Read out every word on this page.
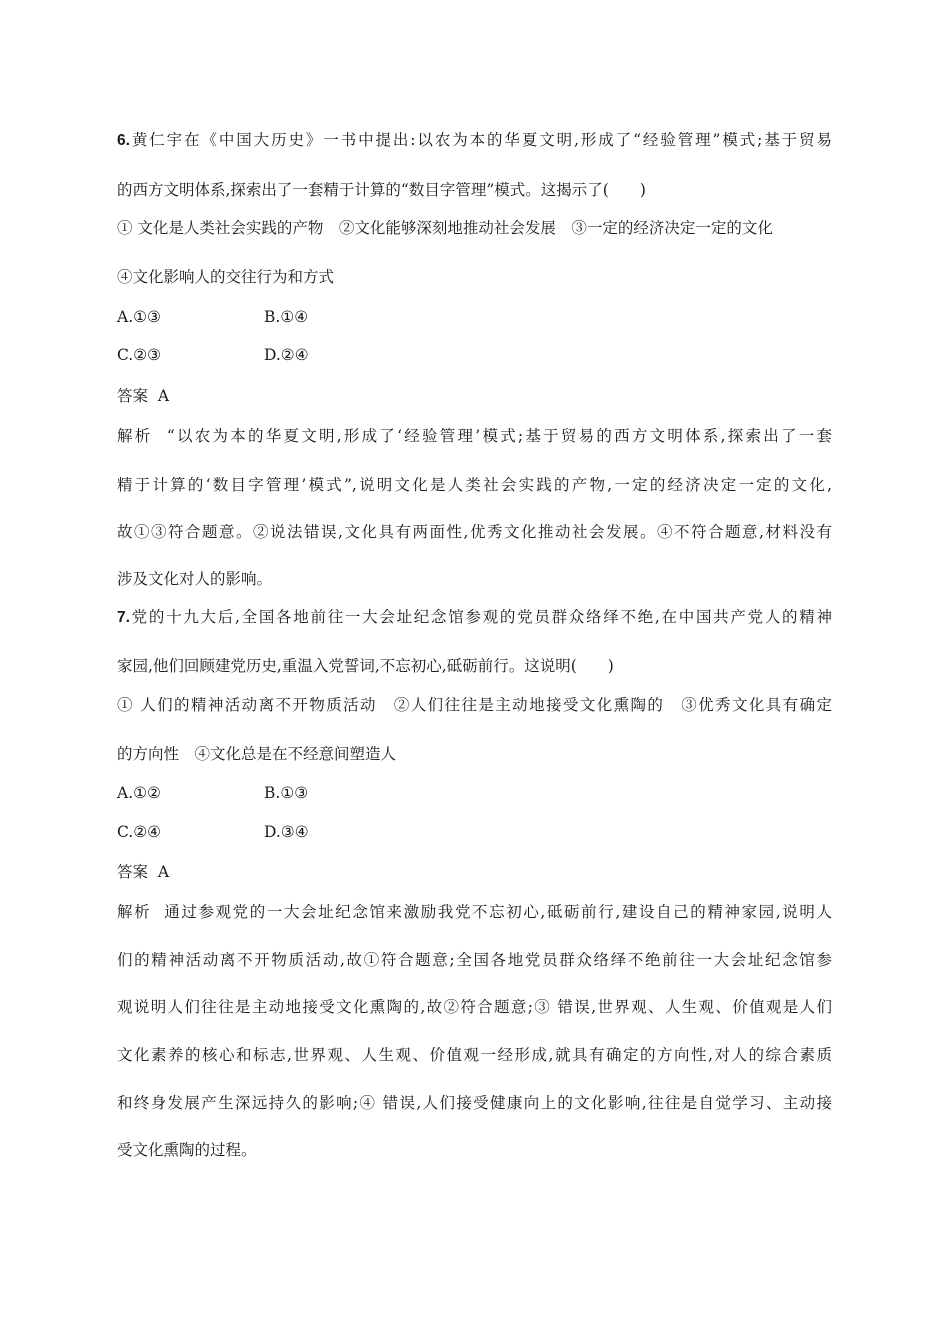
6.黄仁宇在《中国大历史》一书中提出:以农为本的华夏文明,形成了“经验管理”模式;基于贸易
的西方文明体系,探索出了一套精于计算的“数目字管理”模式。这揭示了(　　)
① 文化是人类社会实践的产物　②文化能够深刻地推动社会发展　③一定的经济决定一定的文化
④文化影响人的交往行为和方式
A.①③	B.①④
C.②③	D.②④
答案 A
解析 “以农为本的华夏文明,形成了‘经验管理’模式;基于贸易的西方文明体系,探索出了一套
精于计算的‘数目字管理’模式”,说明文化是人类社会实践的产物,一定的经济决定一定的文化,
故①③符合题意。②说法错误,文化具有两面性,优秀文化推动社会发展。④不符合题意,材料没有
涉及文化对人的影响。
7.党的十九大后,全国各地前往一大会址纪念馆参观的党员群众络绎不绝,在中国共产党人的精神
家园,他们回顾建党历史,重温入党誓词,不忘初心,砥砺前行。这说明(　　)
① 人们的精神活动离不开物质活动　②人们往往是主动地接受文化熏陶的　③优秀文化具有确定
的方向性　④文化总是在不经意间塑造人
A.①②	B.①③
C.②④	D.③④
答案 A
解析 通过参观党的一大会址纪念馆来激励我党不忘初心,砥砺前行,建设自己的精神家园,说明人
们的精神活动离不开物质活动,故①符合题意;全国各地党员群众络绎不绝前往一大会址纪念馆参
观说明人们往往是主动地接受文化熏陶的,故②符合题意;③ 错误,世界观、人生观、价值观是人们
文化素养的核心和标志,世界观、人生观、价值观一经形成,就具有确定的方向性,对人的综合素质
和终身发展产生深远持久的影响;④ 错误,人们接受健康向上的文化影响,往往是自觉学习、主动接
受文化熏陶的过程。
